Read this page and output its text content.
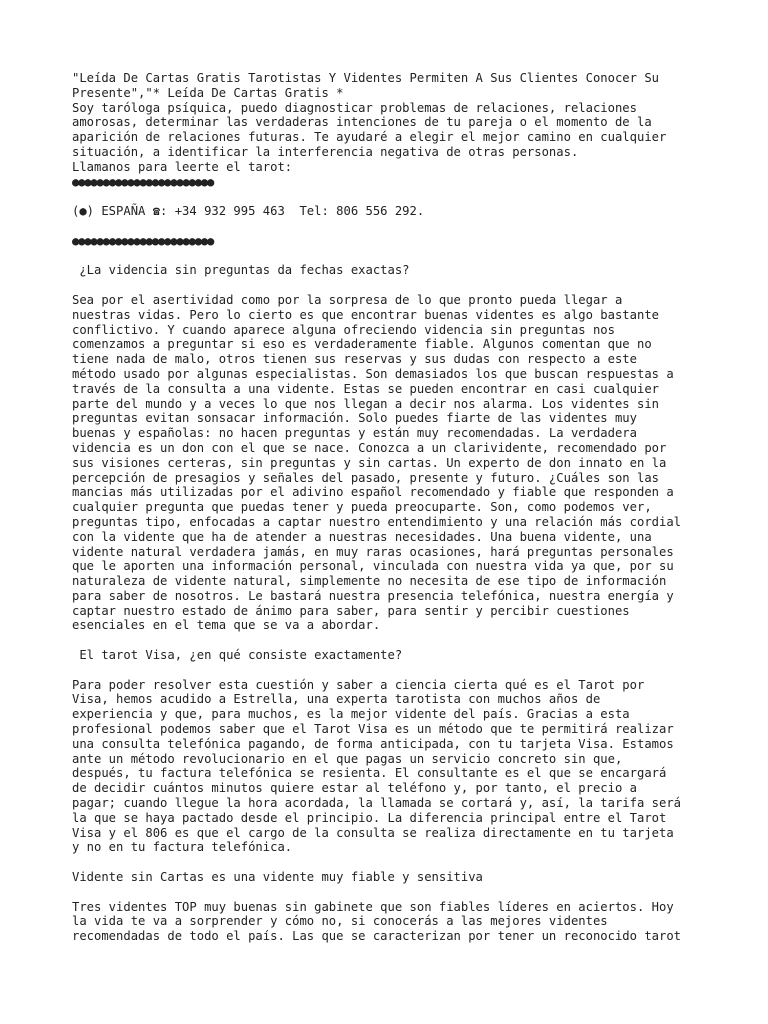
"Leída De Cartas Gratis Tarotistas Y Videntes Permiten A Sus Clientes Conocer Su
Presente","* Leída De Cartas Gratis *
Soy taróloga psíquica, puedo diagnosticar problemas de relaciones, relaciones
amorosas, determinar las verdaderas intenciones de tu pareja o el momento de la
aparición de relaciones futuras. Te ayudaré a elegir el mejor camino en cualquier
situación, a identificar la interferencia negativa de otras personas.
Llamanos para leerte el tarot:
●●●●●●●●●●●●●●●●●●●●●●●
(●) ESPAÑA ☎: +34 932 995 463  Tel: 806 556 292.
●●●●●●●●●●●●●●●●●●●●●●●
¿La videncia sin preguntas da fechas exactas?
Sea por el asertividad como por la sorpresa de lo que pronto pueda llegar a
nuestras vidas. Pero lo cierto es que encontrar buenas videntes es algo bastante
conflictivo. Y cuando aparece alguna ofreciendo videncia sin preguntas nos
comenzamos a preguntar si eso es verdaderamente fiable. Algunos comentan que no
tiene nada de malo, otros tienen sus reservas y sus dudas con respecto a este
método usado por algunas especialistas. Son demasiados los que buscan respuestas a
través de la consulta a una vidente. Estas se pueden encontrar en casi cualquier
parte del mundo y a veces lo que nos llegan a decir nos alarma. Los videntes sin
preguntas evitan sonsacar información. Solo puedes fiarte de las videntes muy
buenas y españolas: no hacen preguntas y están muy recomendadas. La verdadera
videncia es un don con el que se nace. Conozca a un clarividente, recomendado por
sus visiones certeras, sin preguntas y sin cartas. Un experto de don innato en la
percepción de presagios y señales del pasado, presente y futuro. ¿Cuáles son las
mancias más utilizadas por el adivino español recomendado y fiable que responden a
cualquier pregunta que puedas tener y pueda preocuparte. Son, como podemos ver,
preguntas tipo, enfocadas a captar nuestro entendimiento y una relación más cordial
con la vidente que ha de atender a nuestras necesidades. Una buena vidente, una
vidente natural verdadera jamás, en muy raras ocasiones, hará preguntas personales
que le aporten una información personal, vinculada con nuestra vida ya que, por su
naturaleza de vidente natural, simplemente no necesita de ese tipo de información
para saber de nosotros. Le bastará nuestra presencia telefónica, nuestra energía y
captar nuestro estado de ánimo para saber, para sentir y percibir cuestiones
esenciales en el tema que se va a abordar.
El tarot Visa, ¿en qué consiste exactamente?
Para poder resolver esta cuestión y saber a ciencia cierta qué es el Tarot por
Visa, hemos acudido a Estrella, una experta tarotista con muchos años de
experiencia y que, para muchos, es la mejor vidente del país. Gracias a esta
profesional podemos saber que el Tarot Visa es un método que te permitirá realizar
una consulta telefónica pagando, de forma anticipada, con tu tarjeta Visa. Estamos
ante un método revolucionario en el que pagas un servicio concreto sin que,
después, tu factura telefónica se resienta. El consultante es el que se encargará
de decidir cuántos minutos quiere estar al teléfono y, por tanto, el precio a
pagar; cuando llegue la hora acordada, la llamada se cortará y, así, la tarifa será
la que se haya pactado desde el principio. La diferencia principal entre el Tarot
Visa y el 806 es que el cargo de la consulta se realiza directamente en tu tarjeta
y no en tu factura telefónica.
Vidente sin Cartas es una vidente muy fiable y sensitiva
Tres videntes TOP muy buenas sin gabinete que son fiables líderes en aciertos. Hoy
la vida te va a sorprender y cómo no, si conocerás a las mejores videntes
recomendadas de todo el país. Las que se caracterizan por tener un reconocido tarot
